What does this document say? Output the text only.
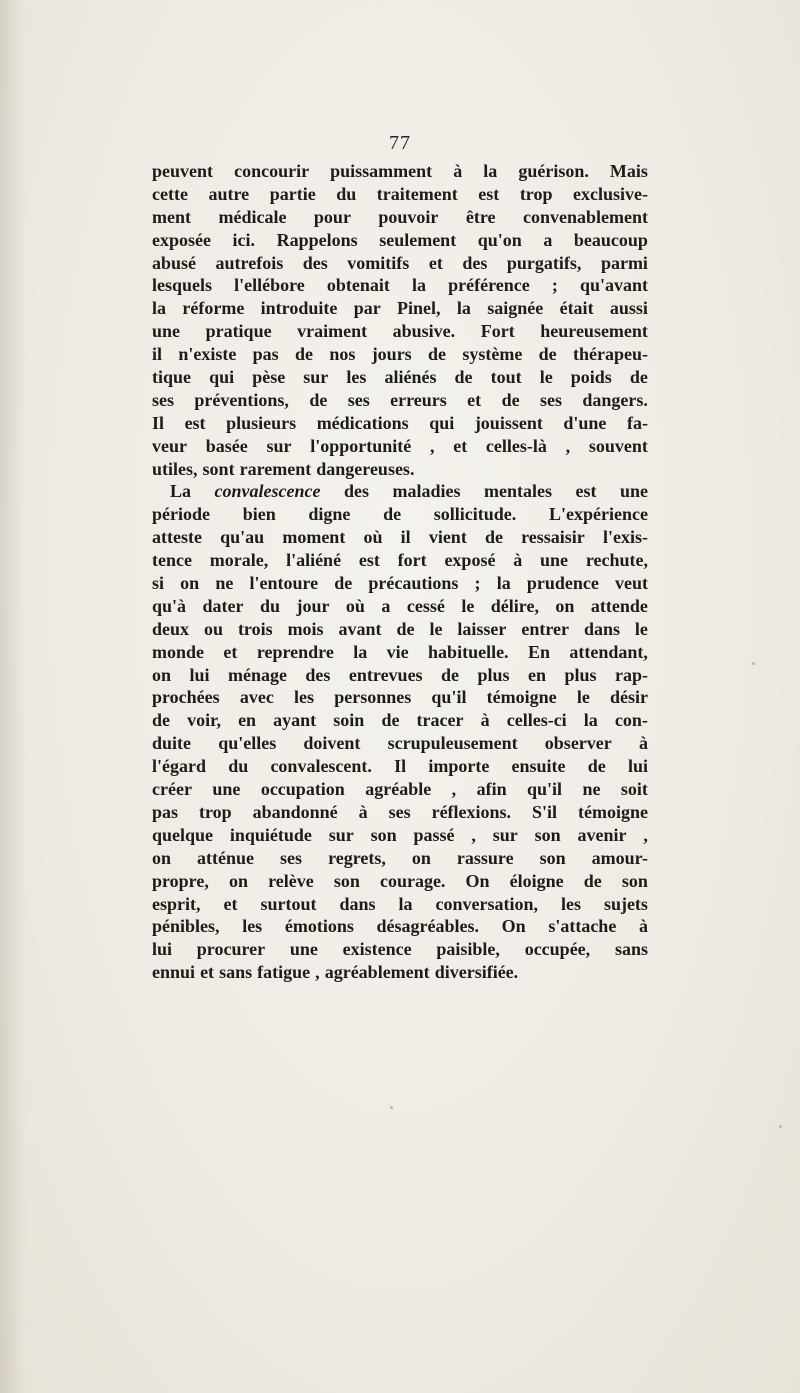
77
peuvent concourir puissamment à la guérison. Mais
cette autre partie du traitement est trop exclusive-
ment médicale pour pouvoir être convenablement
exposée ici. Rappelons seulement qu'on a beaucoup
abusé autrefois des vomitifs et des purgatifs, parmi
lesquels l'ellébore obtenait la préférence ; qu'avant
la réforme introduite par Pinel, la saignée était aussi
une pratique vraiment abusive. Fort heureusement
il n'existe pas de nos jours de système de thérapeu-
tique qui pèse sur les aliénés de tout le poids de
ses préventions, de ses erreurs et de ses dangers.
Il est plusieurs médications qui jouissent d'une fa-
veur basée sur l'opportunité , et celles-là , souvent
utiles, sont rarement dangereuses.
La convalescence des maladies mentales est une
période bien digne de sollicitude. L'expérience
atteste qu'au moment où il vient de ressaisir l'exis-
tence morale, l'aliéné est fort exposé à une rechute,
si on ne l'entoure de précautions ; la prudence veut
qu'à dater du jour où a cessé le délire, on attende
deux ou trois mois avant de le laisser entrer dans le
monde et reprendre la vie habituelle. En attendant,
on lui ménage des entrevues de plus en plus rap-
prochées avec les personnes qu'il témoigne le désir
de voir, en ayant soin de tracer à celles-ci la con-
duite qu'elles doivent scrupuleusement observer à
l'égard du convalescent. Il importe ensuite de lui
créer une occupation agréable , afin qu'il ne soit
pas trop abandonné à ses réflexions. S'il témoigne
quelque inquiétude sur son passé , sur son avenir ,
on atténue ses regrets, on rassure son amour-
propre, on relève son courage. On éloigne de son
esprit, et surtout dans la conversation, les sujets
pénibles, les émotions désagréables. On s'attache à
lui procurer une existence paisible, occupée, sans
ennui et sans fatigue , agréablement diversifiée.
